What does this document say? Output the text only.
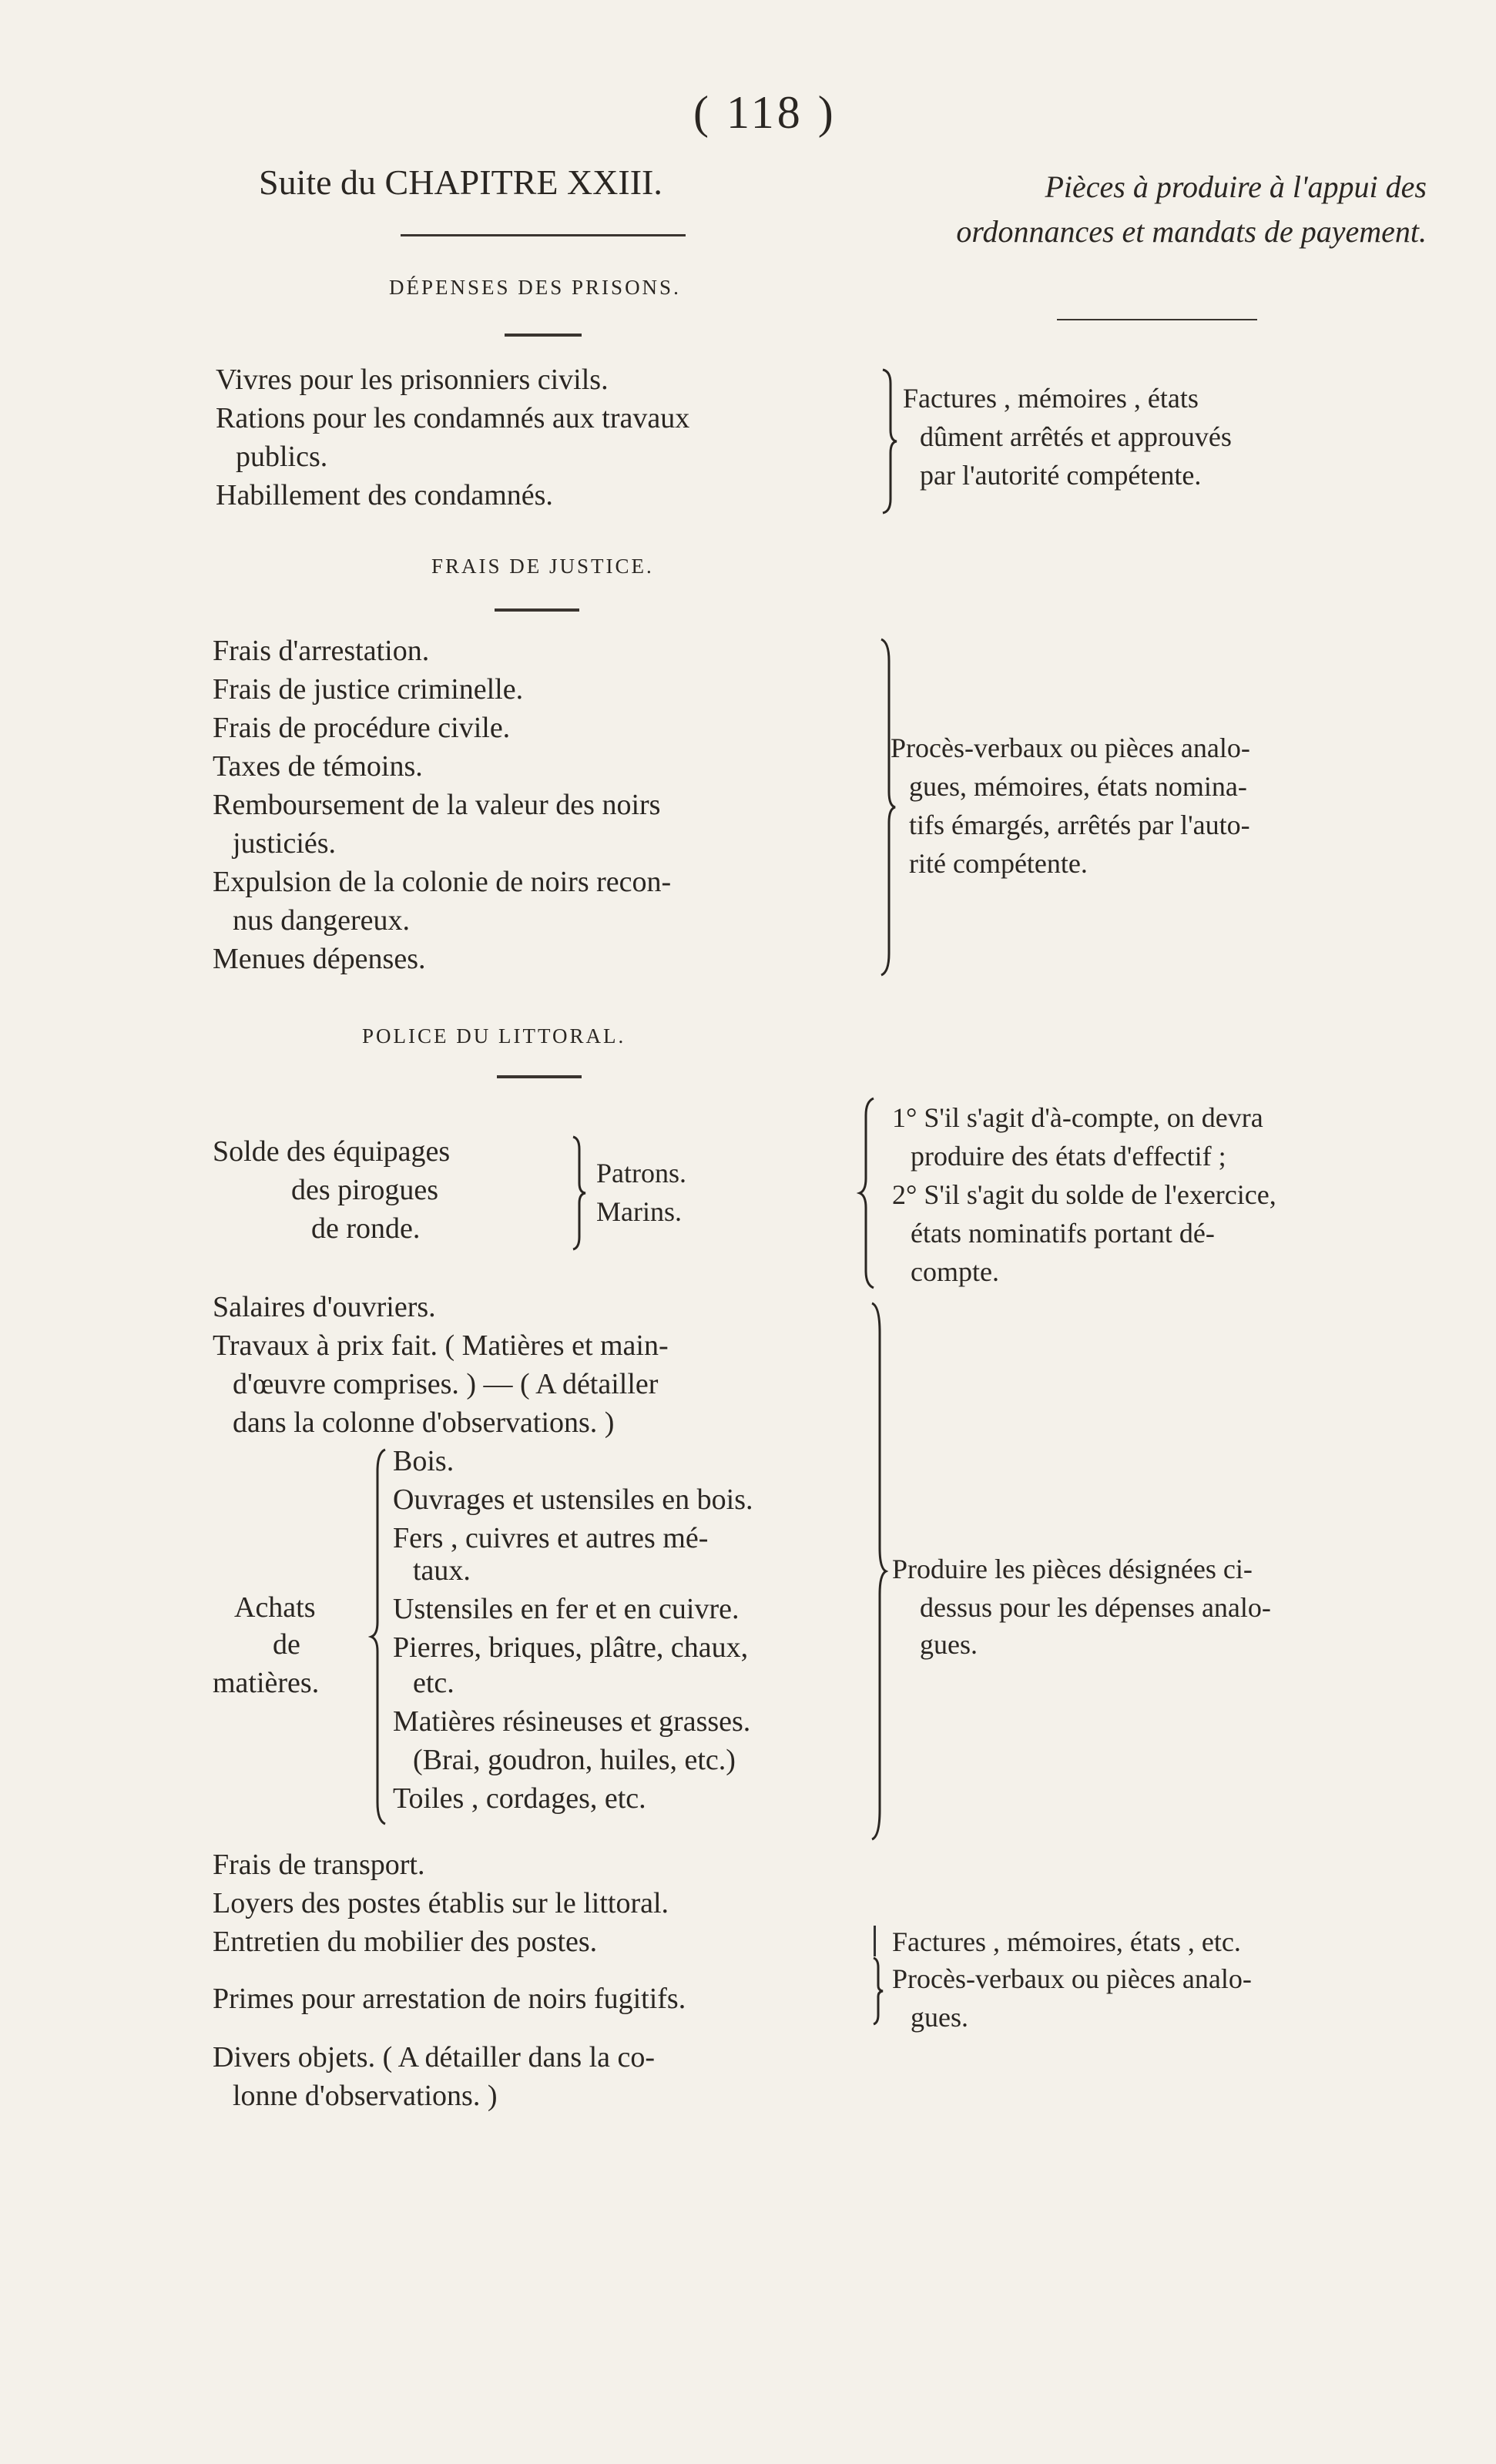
( 118 )
Suite du CHAPITRE XXIII.	Pièces à produire à l'appui des ordonnances et mandats de payement.
DÉPENSES DES PRISONS.
Vivres pour les prisonniers civils.
Rations pour les condamnés aux travaux
publics.
Habillement des condamnés.
Factures , mémoires , états
dûment arrêtés et approuvés
par l'autorité compétente.
FRAIS DE JUSTICE.
Frais d'arrestation.
Frais de justice criminelle.
Frais de procédure civile.
Taxes de témoins.
Remboursement de la valeur des noirs
justiciés.
Expulsion de la colonie de noirs recon-
nus dangereux.
Menues dépenses.
Procès-verbaux ou pièces analo-
gues, mémoires, états nomina-
tifs émargés, arrêtés par l'auto-
rité compétente.
POLICE DU LITTORAL.
Solde des équipages
des pirogues
de ronde.
Patrons.
Marins.
1° S'il s'agit d'à-compte, on devra
produire des états d'effectif ;
2° S'il s'agit du solde de l'exercice,
états nominatifs portant dé-
compte.
Salaires d'ouvriers.
Travaux à prix fait. ( Matières et main-
d'œuvre comprises. ) — ( A détailler
dans la colonne d'observations. )
Achats
de
matières.
Bois.
Ouvrages et ustensiles en bois.
Fers , cuivres et autres mé-
taux.
Ustensiles en fer et en cuivre.
Pierres, briques, plâtre, chaux,
etc.
Matières résineuses et grasses.
(Brai, goudron, huiles, etc.)
Toiles , cordages, etc.
Produire les pièces désignées ci-
dessus pour les dépenses analo-
gues.
Frais de transport.
Loyers des postes établis sur le littoral.
Entretien du mobilier des postes.
Primes pour arrestation de noirs fugitifs.
Divers objets. ( A détailler dans la co-
lonne d'observations. )
Factures , mémoires, états , etc.
Procès-verbaux ou pièces analo-
gues.
